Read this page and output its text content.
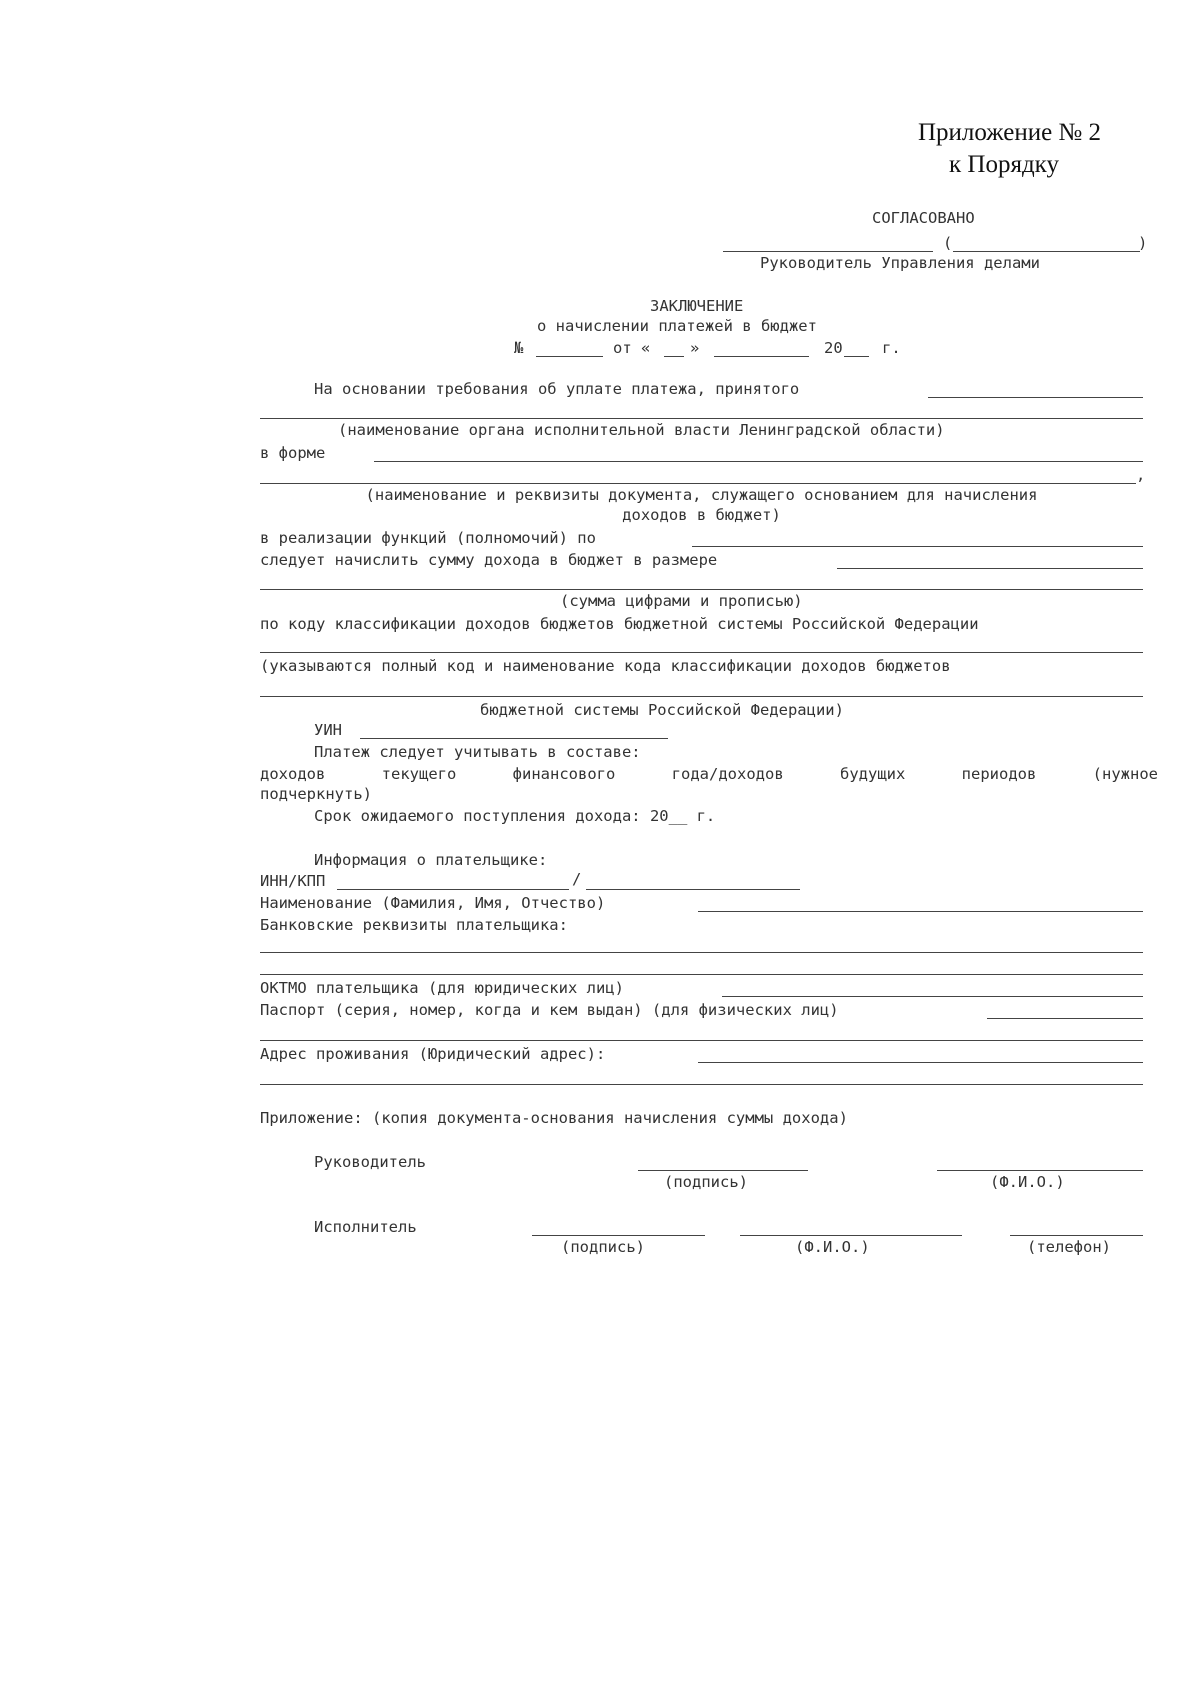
Приложение № 2
к Порядку
СОГЛАСОВАНО
(	)
Руководитель Управления делами
ЗАКЛЮЧЕНИЕ
о начислении платежей в бюджет
№	от «	»	20	г.
На основании требования об уплате платежа, принятого
(наименование органа исполнительной власти Ленинградской области)
в форме
,
(наименование и реквизиты документа, служащего основанием для начисления
доходов в бюджет)
в реализации функций (полномочий) по
следует начислить сумму дохода в бюджет в размере
(сумма цифрами и прописью)
по коду классификации доходов бюджетов бюджетной системы Российской Федерации
(указываются полный код и наименование кода классификации доходов бюджетов
бюджетной системы Российской Федерации)
УИН
Платеж следует учитывать в составе:
доходов	текущего	финансового	года/доходов	будущих	периодов	(нужное
подчеркнуть)
Срок ожидаемого поступления дохода: 20__ г.
Информация о плательщике:
ИНН/КПП	/
Наименование (Фамилия, Имя, Отчество)
Банковские реквизиты плательщика:
ОКТМО плательщика (для юридических лиц)
Паспорт (серия, номер, когда и кем выдан) (для физических лиц)
Адрес проживания (Юридический адрес):
Приложение: (копия документа-основания начисления суммы дохода)
Руководитель
(подпись)	(Ф.И.О.)
Исполнитель
(подпись)	(Ф.И.О.)	(телефон)
